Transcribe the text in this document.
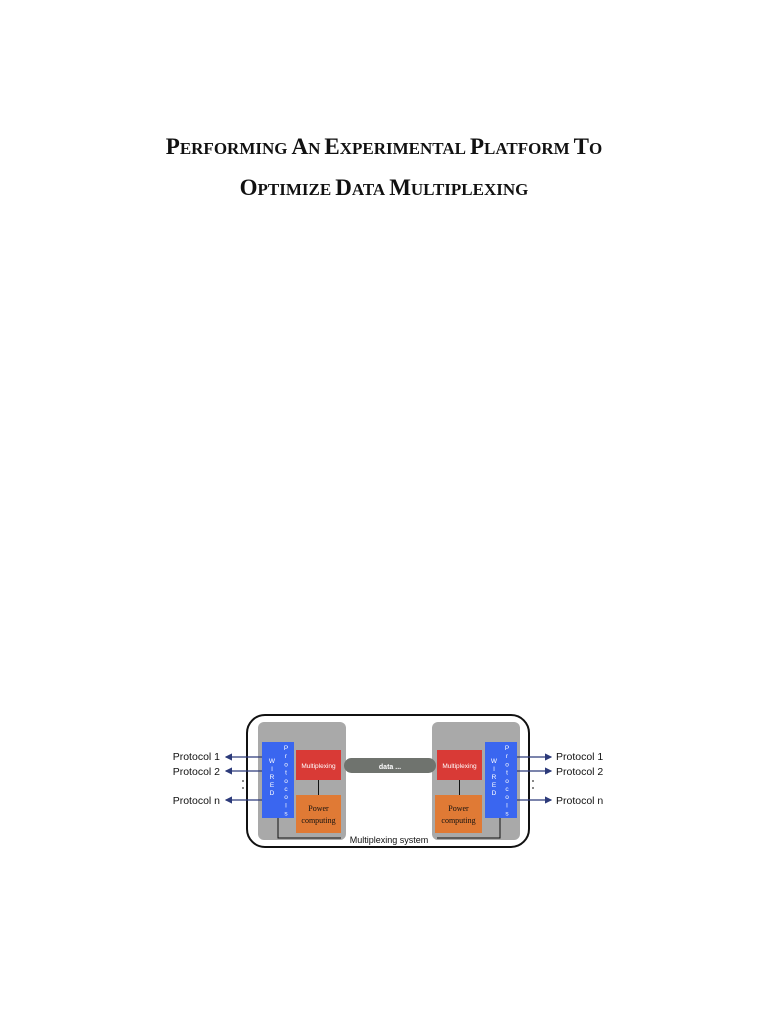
PERFORMING AN EXPERIMENTAL PLATFORM TO
OPTIMIZE DATA MULTIPLEXING
data ...
W
I
R
E
D
P
r
o
t
o
c
o
l
s
W
I
R
E
D
P
r
o
t
o
c
o
l
s
Multiplexing	Multiplexing
Power
computing
Power
computing
Multiplexing system
Protocol 1
Protocol 2
Protocol n
Protocol 1
Protocol 2
Protocol n
